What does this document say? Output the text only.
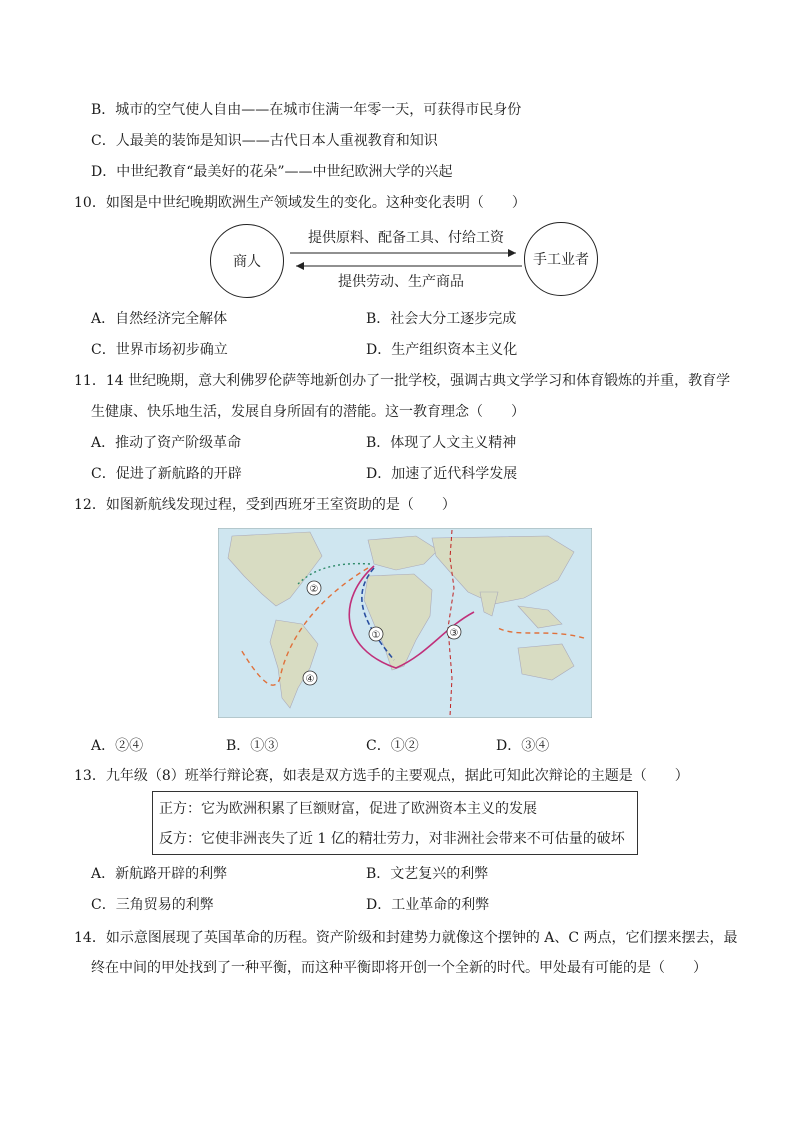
B．城市的空气使人自由——在城市住满一年零一天，可获得市民身份
C．人最美的装饰是知识——古代日本人重视教育和知识
D．中世纪教育“最美好的花朵”——中世纪欧洲大学的兴起
10．如图是中世纪晚期欧洲生产领域发生的变化。这种变化表明（　　）
商人	手工业者
提供原料、配备工具、付给工资
提供劳动、生产商品
A．自然经济完全解体	B．社会大分工逐步完成
C．世界市场初步确立	D．生产组织资本主义化
11．14 世纪晚期，意大利佛罗伦萨等地新创办了一批学校，强调古典文学学习和体育锻炼的并重，教育学
生健康、快乐地生活，发展自身所固有的潜能。这一教育理念（　　）
A．推动了资产阶级革命	B．体现了人文主义精神
C．促进了新航路的开辟	D．加速了近代科学发展
12．如图新航线发现过程，受到西班牙王室资助的是（　　）
②
①	③
④
A．②④	B．①③	C．①②	D．③④
13．九年级（8）班举行辩论赛，如表是双方选手的主要观点，据此可知此次辩论的主题是（　　）
正方：它为欧洲积累了巨额财富，促进了欧洲资本主义的发展
反方：它使非洲丧失了近 1 亿的精壮劳力，对非洲社会带来不可估量的破坏
A．新航路开辟的利弊	B．文艺复兴的利弊
C．三角贸易的利弊	D．工业革命的利弊
14．如示意图展现了英国革命的历程。资产阶级和封建势力就像这个摆钟的 A、C 两点，它们摆来摆去，最
终在中间的甲处找到了一种平衡，而这种平衡即将开创一个全新的时代。甲处最有可能的是（　　）
